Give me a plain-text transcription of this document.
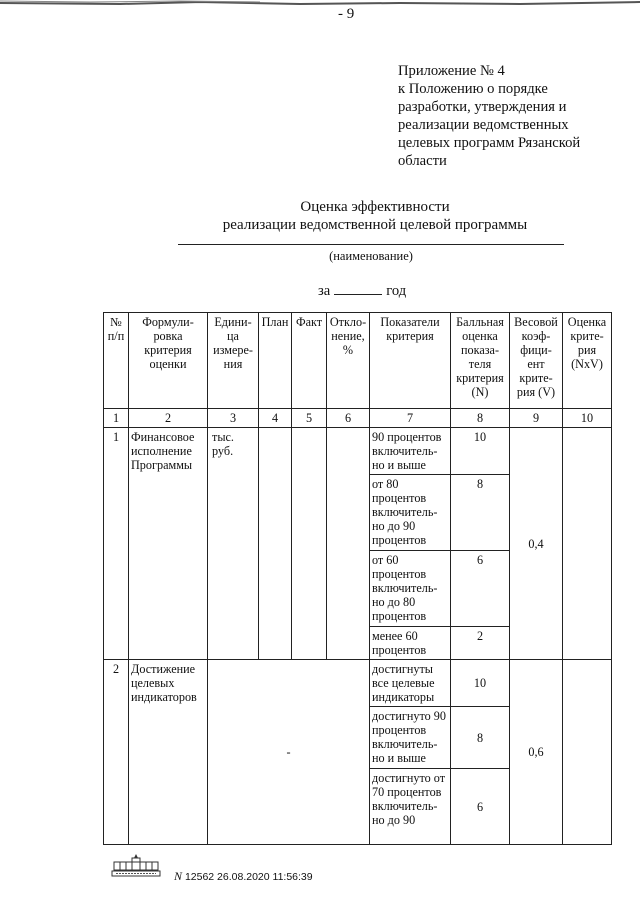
- 9
Приложение № 4
к Положению о порядке
разработки, утверждения и
реализации ведомственных
целевых программ Рязанской
области
Оценка эффективности
реализации ведомственной целевой программы
(наименование)
за	год
№ п/п	Формули- ровка критерия оценки	Едини- ца измере- ния	План	Факт	Откло- нение, %	Показатели критерия	Балльная оценка показа- теля критерия (N)	Весовой коэф- фици- ент крите- рия (V)	Оценка крите- рия (NxV)
1	2	3	4	5	6	7	8	9	10
1	Финансовое исполнение Программы	тыс. руб.				90 процентов включитель- но и выше	10	0,4	
						от 80 процентов включитель- но до 90 процентов	8		
						от 60 процентов включитель- но до 80 процентов	6		
						менее 60 процентов	2		
2	Достижение целевых индикаторов	-				достигнуты все целевые индикаторы	10	0,6	
						достигнуто 90 процентов включитель- но и выше	8		
						достигнуто от 70 процентов включитель- но до 90	6		
N 12562 26.08.2020 11:56:39
